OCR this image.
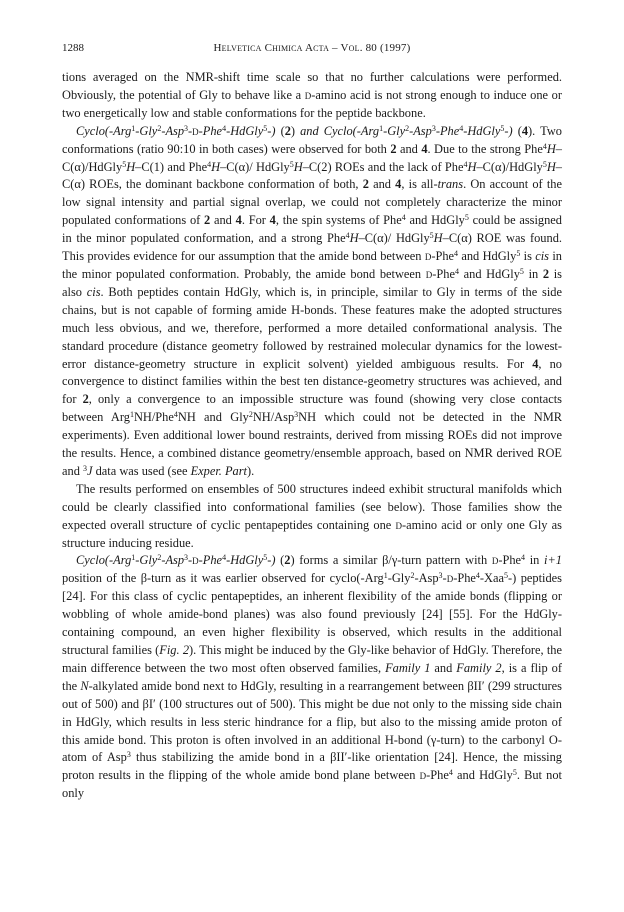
1288	Helvetica Chimica Acta – Vol. 80 (1997)

tions averaged on the NMR-shift time scale so that no further calculations were performed. Obviously, the potential of Gly to behave like a d-amino acid is not strong enough to induce one or two energetically low and stable conformations for the peptide backbone.

Cyclo(-Arg$^1$-Gly$^2$-Asp$^3$-d-Phe$^4$-HdGly$^5$-) (2) and Cyclo(-Arg$^1$-Gly$^2$-Asp$^3$-Phe$^4$-HdGly$^5$-) (4). Two conformations (ratio 90:10 in both cases) were observed for both 2 and 4. Due to the strong Phe$^4$H–C(α)/HdGly$^5$H–C(1) and Phe$^4$H–C(α)/ HdGly$^5$H–C(2) ROEs and the lack of Phe$^4$H–C(α)/HdGly$^5$H–C(α) ROEs, the dominant backbone conformation of both, 2 and 4, is all-trans. On account of the low signal intensity and partial signal overlap, we could not completely characterize the minor populated conformations of 2 and 4. For 4, the spin systems of Phe$^4$ and HdGly$^5$ could be assigned in the minor populated conformation, and a strong Phe$^4$H–C(α)/ HdGly$^5$H–C(α) ROE was found. This provides evidence for our assumption that the amide bond between d-Phe$^4$ and HdGly$^5$ is cis in the minor populated conformation. Probably, the amide bond between d-Phe$^4$ and HdGly$^5$ in 2 is also cis. Both peptides contain HdGly, which is, in principle, similar to Gly in terms of the side chains, but is not capable of forming amide H-bonds. These features make the adopted structures much less obvious, and we, therefore, performed a more detailed conformational analysis. The standard procedure (distance geometry followed by restrained molecular dynamics for the lowest-error distance-geometry structure in explicit solvent) yielded ambiguous results. For 4, no convergence to distinct families within the best ten distance-geometry structures was achieved, and for 2, only a convergence to an impossible structure was found (showing very close contacts between Arg$^1$NH/Phe$^4$NH and Gly$^2$NH/Asp$^3$NH which could not be detected in the NMR experiments). Even additional lower bound restraints, derived from missing ROEs did not improve the results. Hence, a combined distance geometry/ensemble approach, based on NMR derived ROE and $^3$J data was used (see Exper. Part).

The results performed on ensembles of 500 structures indeed exhibit structural manifolds which could be clearly classified into conformational families (see below). Those families show the expected overall structure of cyclic pentapeptides containing one d-amino acid or only one Gly as structure inducing residue.

Cyclo(-Arg$^1$-Gly$^2$-Asp$^3$-d-Phe$^4$-HdGly$^5$-) (2) forms a similar β/γ-turn pattern with d-Phe$^4$ in i+1 position of the β-turn as it was earlier observed for cyclo(-Arg$^1$-Gly$^2$-Asp$^3$-d-Phe$^4$-Xaa$^5$-) peptides [24]. For this class of cyclic pentapeptides, an inherent flexibility of the amide bonds (flipping or wobbling of whole amide-bond planes) was also found previously [24] [55]. For the HdGly-containing compound, an even higher flexibility is observed, which results in the additional structural families (Fig. 2). This might be induced by the Gly-like behavior of HdGly. Therefore, the main difference between the two most often observed families, Family 1 and Family 2, is a flip of the N-alkylated amide bond next to HdGly, resulting in a rearrangement between βII′ (299 structures out of 500) and βI′ (100 structures out of 500). This might be due not only to the missing side chain in HdGly, which results in less steric hindrance for a flip, but also to the missing amide proton of this amide bond. This proton is often involved in an additional H-bond (γ-turn) to the carbonyl O-atom of Asp$^3$ thus stabilizing the amide bond in a βII′-like orientation [24]. Hence, the missing proton results in the flipping of the whole amide bond plane between d-Phe$^4$ and HdGly$^5$. But not only
